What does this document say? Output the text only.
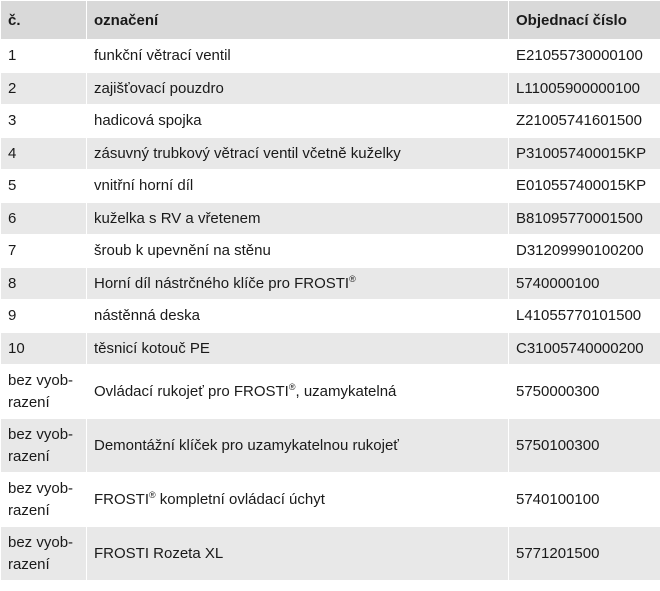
č.	označení	Objednací číslo
1	funkční větrací ventil	E21055730000100
2	zajišťovací pouzdro	L11005900000100
3	hadicová spojka	Z21005741601500
4	zásuvný trubkový větrací ventil včetně kuželky	P310057400015KP
5	vnitřní horní díl	E010557400015KP
6	kuželka s RV a vřetenem	B81095770001500
7	šroub k upevnění na stěnu	D31209990100200
8	Horní díl nástrčného klíče pro FROSTI®	5740000100
9	nástěnná deska	L41055770101500
10	těsnicí kotouč PE	C31005740000200

bez vyob-
razení	Ovládací rukojeť pro FROSTI®, uzamykatelná	5750000300

bez vyob-
razení	Demontážní klíček pro uzamykatelnou rukojeť	5750100300

bez vyob-
razení	FROSTI® kompletní ovládací úchyt	5740100100

bez vyob-
razení	FROSTI Rozeta XL	5771201500
